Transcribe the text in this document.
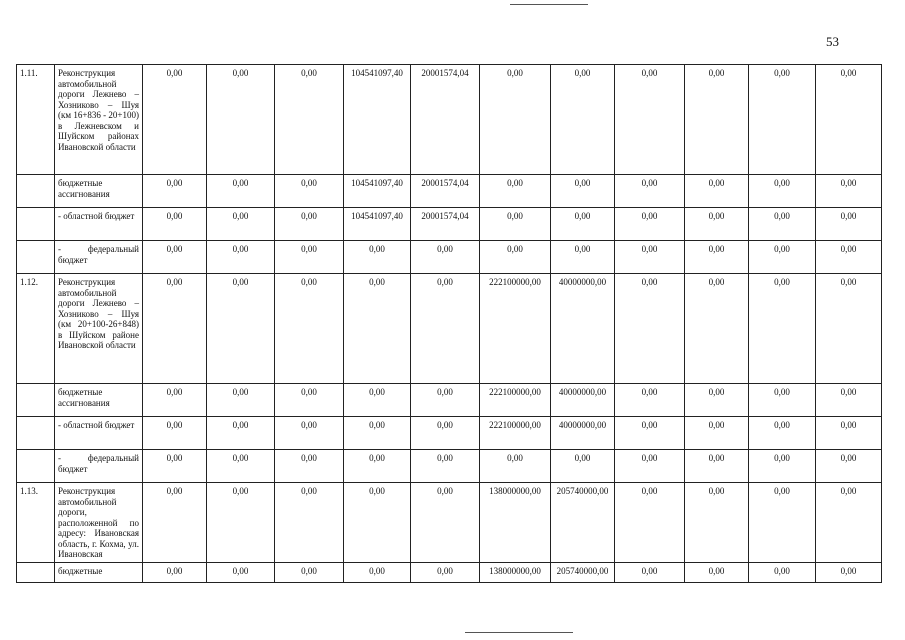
53
1.11.	Реконструкция автомобильной дороги Лежнево – Хозниково – Шуя (км 16+836 - 20+100) в Лежневском и Шуйском районах Ивановской области	0,00	0,00	0,00	104541097,40	20001574,04	0,00	0,00	0,00	0,00	0,00	0,00
	бюджетные ассигнования	0,00	0,00	0,00	104541097,40	20001574,04	0,00	0,00	0,00	0,00	0,00	0,00
	- областной бюджет	0,00	0,00	0,00	104541097,40	20001574,04	0,00	0,00	0,00	0,00	0,00	0,00
	- федеральный бюджет	0,00	0,00	0,00	0,00	0,00	0,00	0,00	0,00	0,00	0,00	0,00
1.12.	Реконструкция автомобильной дороги Лежнево – Хозниково – Шуя (км 20+100-26+848) в Шуйском районе Ивановской области	0,00	0,00	0,00	0,00	0,00	222100000,00	40000000,00	0,00	0,00	0,00	0,00
	бюджетные ассигнования	0,00	0,00	0,00	0,00	0,00	222100000,00	40000000,00	0,00	0,00	0,00	0,00
	- областной бюджет	0,00	0,00	0,00	0,00	0,00	222100000,00	40000000,00	0,00	0,00	0,00	0,00
	- федеральный бюджет	0,00	0,00	0,00	0,00	0,00	0,00	0,00	0,00	0,00	0,00	0,00
1.13.	Реконструкция автомобильной дороги, расположенной по адресу: Ивановская область, г. Кохма, ул. Ивановская	0,00	0,00	0,00	0,00	0,00	138000000,00	205740000,00	0,00	0,00	0,00	0,00
	бюджетные	0,00	0,00	0,00	0,00	0,00	138000000,00	205740000,00	0,00	0,00	0,00	0,00
